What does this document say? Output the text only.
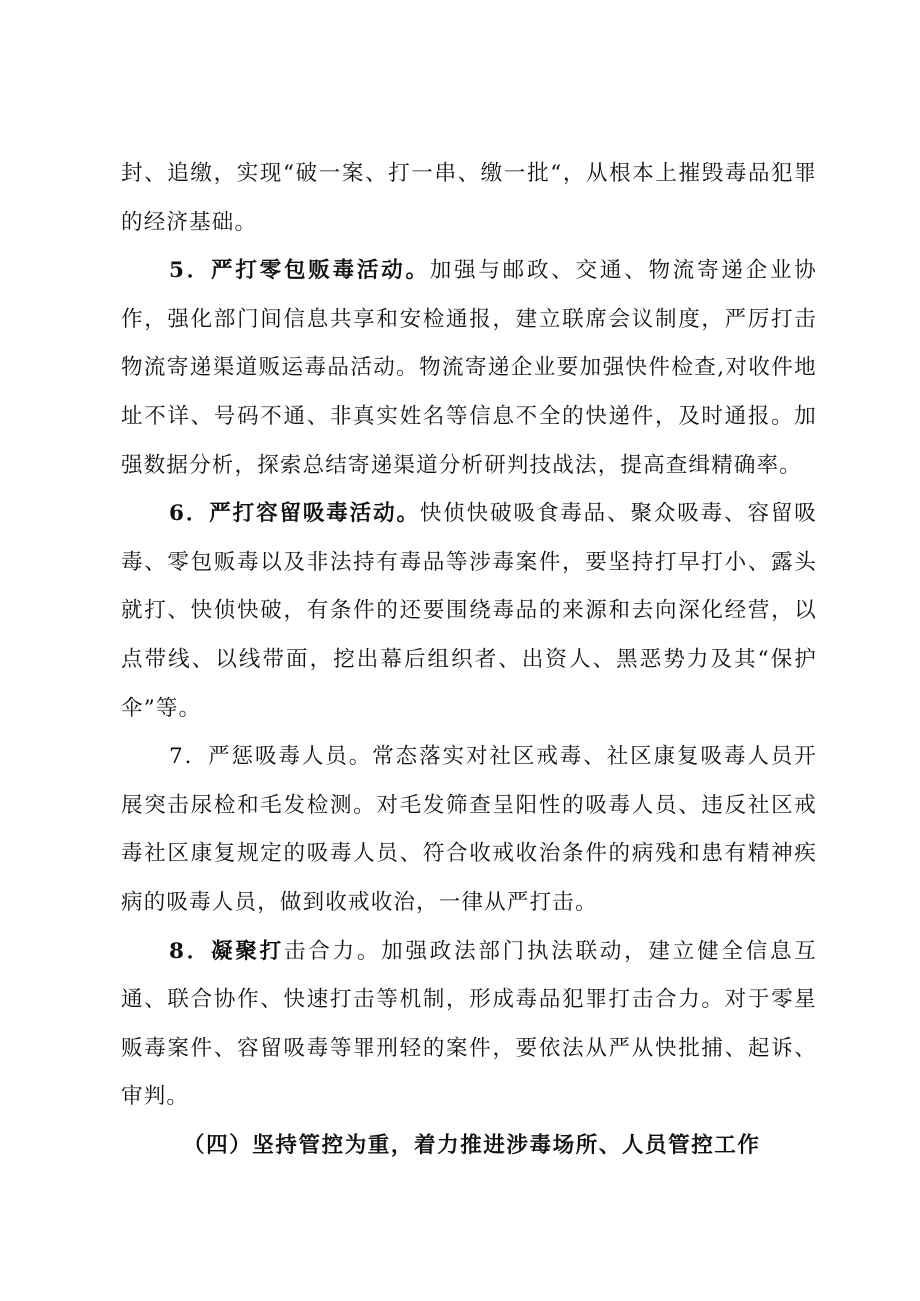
封、追缴，实现“破一案、打一串、缴一批“，从根本上摧毁毒品犯罪的经济基础。

5．严打零包贩毒活动。加强与邮政、交通、物流寄递企业协作，强化部门间信息共享和安检通报，建立联席会议制度，严厉打击物流寄递渠道贩运毒品活动。物流寄递企业要加强快件检查,对收件地址不详、号码不通、非真实姓名等信息不全的快递件，及时通报。加强数据分析，探索总结寄递渠道分析研判技战法，提高查缉精确率。

6．严打容留吸毒活动。快侦快破吸食毒品、聚众吸毒、容留吸毒、零包贩毒以及非法持有毒品等涉毒案件，要坚持打早打小、露头就打、快侦快破，有条件的还要围绕毒品的来源和去向深化经营，以点带线、以线带面，挖出幕后组织者、出资人、黑恶势力及其“保护伞”等。

7．严惩吸毒人员。常态落实对社区戒毒、社区康复吸毒人员开展突击尿检和毛发检测。对毛发筛查呈阳性的吸毒人员、违反社区戒毒社区康复规定的吸毒人员、符合收戒收治条件的病残和患有精神疾病的吸毒人员，做到收戒收治，一律从严打击。

8．凝聚打击合力。加强政法部门执法联动，建立健全信息互通、联合协作、快速打击等机制，形成毒品犯罪打击合力。对于零星贩毒案件、容留吸毒等罪刑轻的案件，要依法从严从快批捕、起诉、审判。

（四）坚持管控为重，着力推进涉毒场所、人员管控工作
